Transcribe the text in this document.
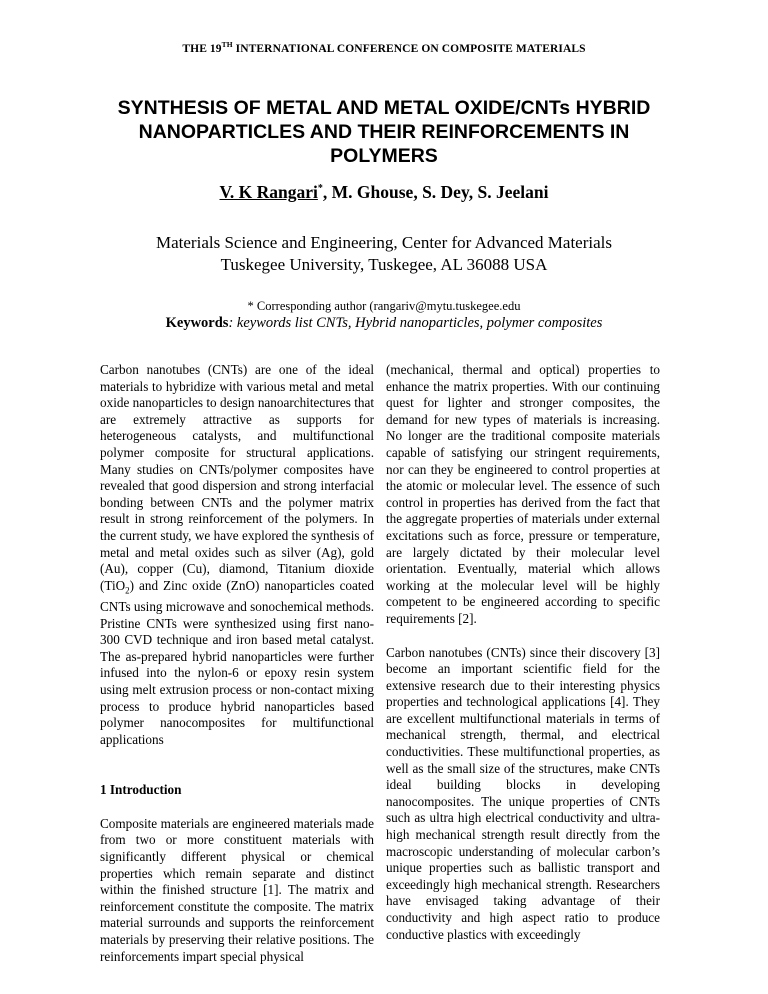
THE 19TH INTERNATIONAL CONFERENCE ON COMPOSITE MATERIALS
SYNTHESIS OF METAL AND METAL OXIDE/CNTs HYBRID
NANOPARTICLES AND THEIR REINFORCEMENTS IN
POLYMERS
V. K Rangari*, M. Ghouse, S. Dey, S. Jeelani
Materials Science and Engineering, Center for Advanced Materials
Tuskegee University, Tuskegee, AL 36088 USA
* Corresponding author (rangariv@mytu.tuskegee.edu
Keywords: keywords list CNTs, Hybrid nanoparticles, polymer composites

Carbon nanotubes (CNTs) are one of the ideal materials to hybridize with various metal and metal oxide nanoparticles to design nanoarchitectures that are extremely attractive as supports for heterogeneous catalysts, and multifunctional polymer composite for structural applications. Many studies on CNTs/polymer composites have revealed that good dispersion and strong interfacial bonding between CNTs and the polymer matrix result in strong reinforcement of the polymers. In the current study, we have explored the synthesis of metal and metal oxides such as silver (Ag), gold (Au), copper (Cu), diamond, Titanium dioxide (TiO$_2$) and Zinc oxide (ZnO) nanoparticles coated CNTs using microwave and sonochemical methods. Pristine CNTs were synthesized using first nano-300 CVD technique and iron based metal catalyst. The as-prepared hybrid nanoparticles were further infused into the nylon-6 or epoxy resin system using melt extrusion process or non-contact mixing process to produce hybrid nanoparticles based polymer nanocomposites for multifunctional applications

1 Introduction

Composite materials are engineered materials made from two or more constituent materials with significantly different physical or chemical properties which remain separate and distinct within the finished structure [1]. The matrix and reinforcement constitute the composite. The matrix material surrounds and supports the reinforcement materials by preserving their relative positions. The reinforcements impart special physical

(mechanical, thermal and optical) properties to enhance the matrix properties. With our continuing quest for lighter and stronger composites, the demand for new types of materials is increasing. No longer are the traditional composite materials capable of satisfying our stringent requirements, nor can they be engineered to control properties at the atomic or molecular level. The essence of such control in properties has derived from the fact that the aggregate properties of materials under external excitations such as force, pressure or temperature, are largely dictated by their molecular level orientation. Eventually, material which allows working at the molecular level will be highly competent to be engineered according to specific requirements [2].

Carbon nanotubes (CNTs) since their discovery [3] become an important scientific field for the extensive research due to their interesting physics properties and technological applications [4]. They are excellent multifunctional materials in terms of mechanical strength, thermal, and electrical conductivities. These multifunctional properties, as well as the small size of the structures, make CNTs ideal building blocks in developing nanocomposites. The unique properties of CNTs such as ultra high electrical conductivity and ultra-high mechanical strength result directly from the macroscopic understanding of molecular carbon’s unique properties such as ballistic transport and exceedingly high mechanical strength. Researchers have envisaged taking advantage of their conductivity and high aspect ratio to produce conductive plastics with exceedingly
